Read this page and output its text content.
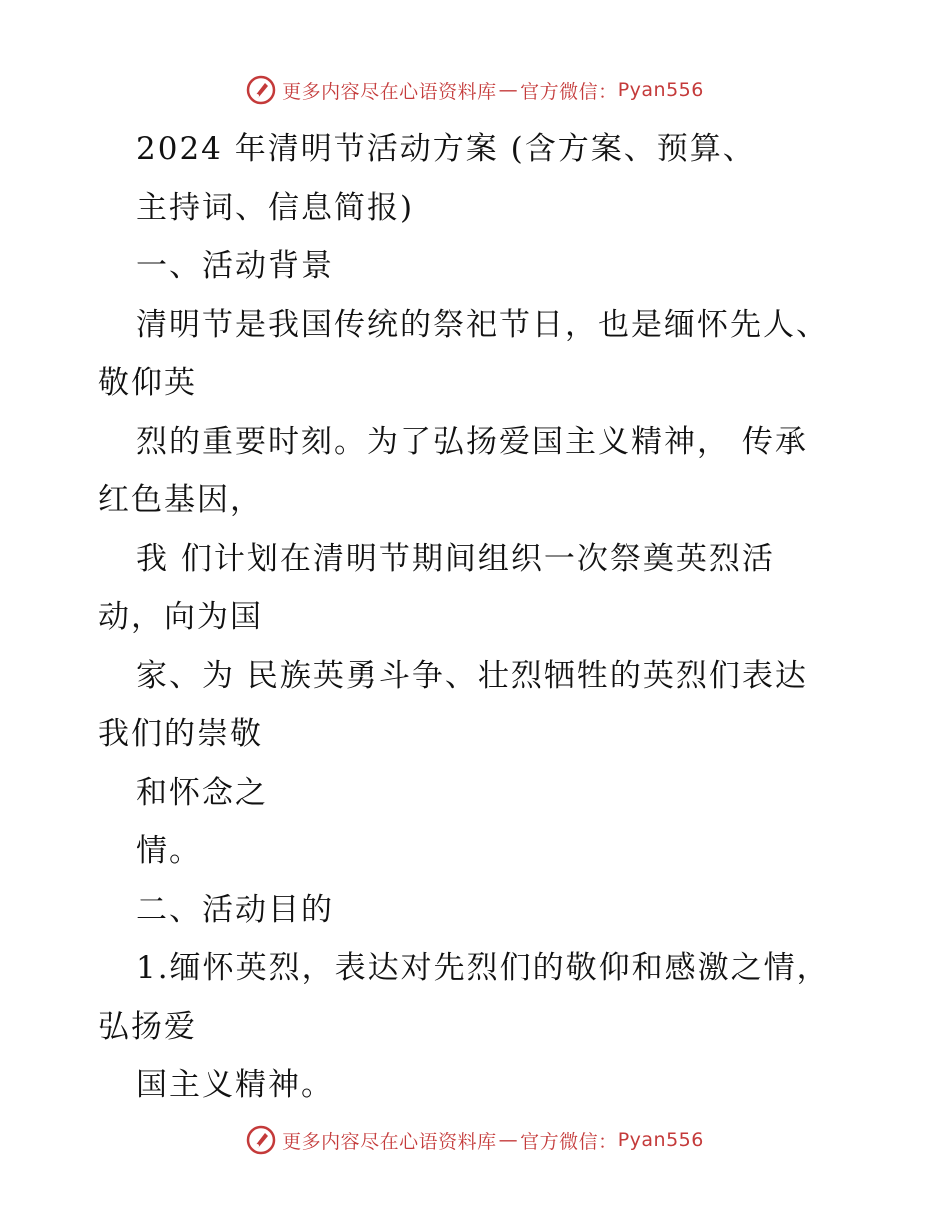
更多内容尽在心语资料库 — 官方微信： Pyan556
2024 年清明节活动方案 (含方案、预算、
主持词、信息简报)
一、活动背景
清明节是我国传统的祭祀节日，也是缅怀先人、
敬仰英
烈的重要时刻。为了弘扬爱国主义精神， 传承
红色基因，
我 们计划在清明节期间组织一次祭奠英烈活
动，向为国
家、为 民族英勇斗争、壮烈牺牲的英烈们表达
我们的崇敬
和怀念之
情。
二、活动目的
1.缅怀英烈，表达对先烈们的敬仰和感激之情，
弘扬爱
国主义精神。
更多内容尽在心语资料库 — 官方微信： Pyan556
